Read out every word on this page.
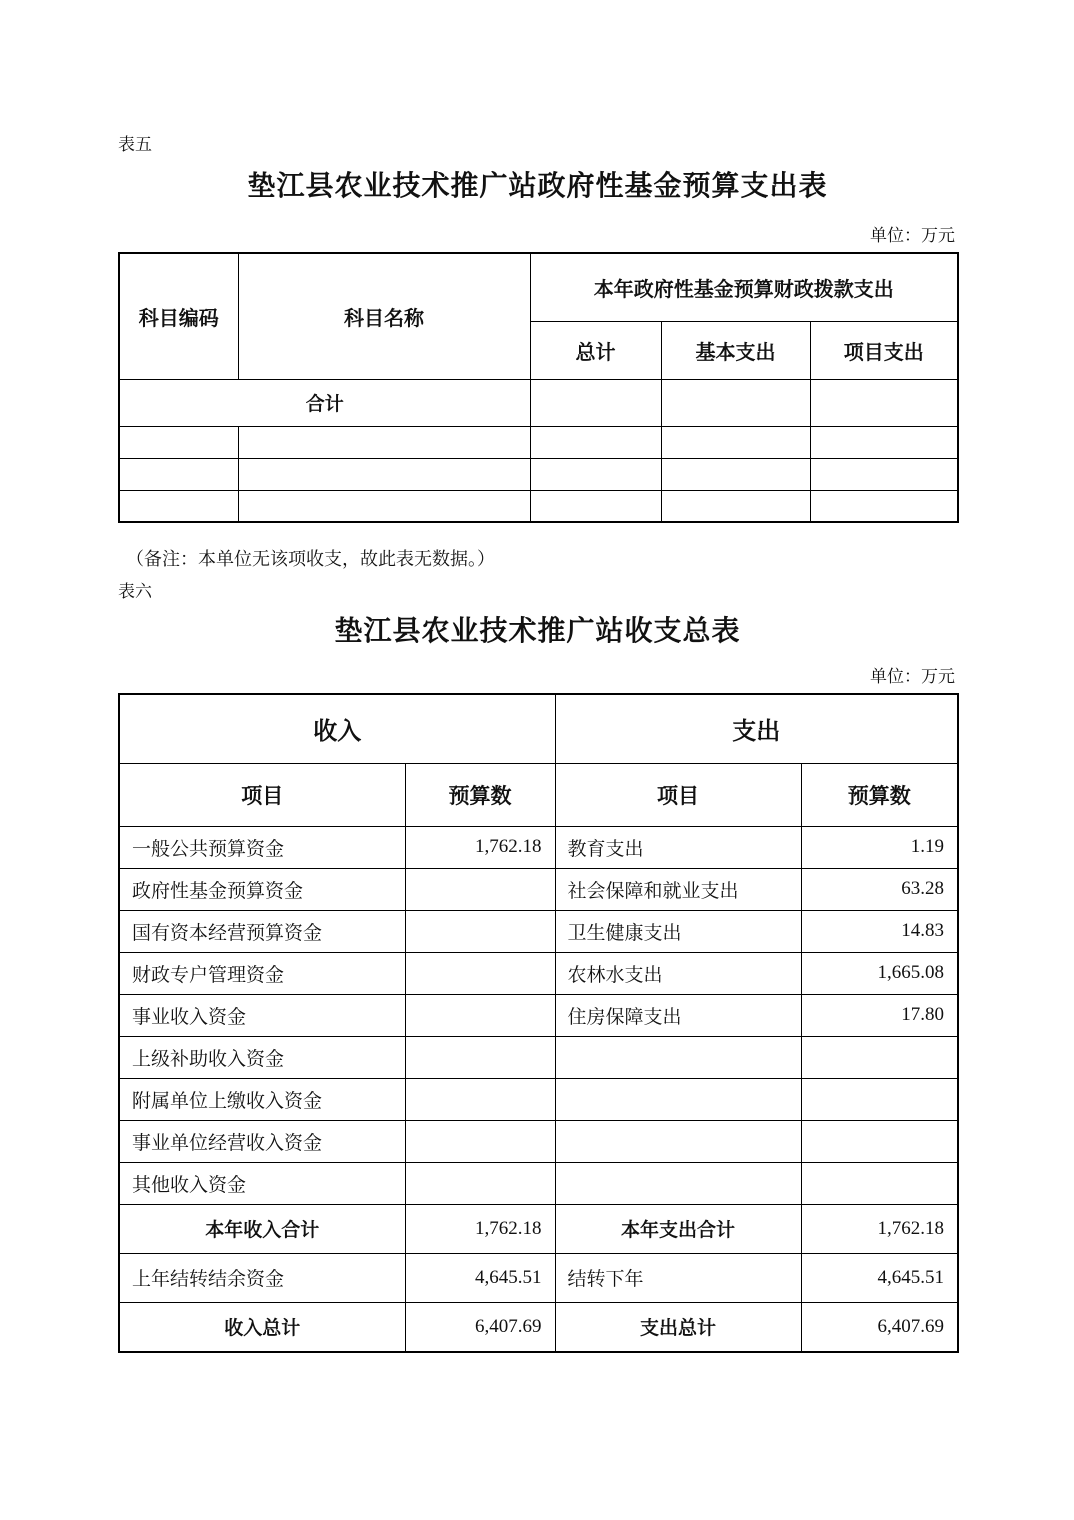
表五
垫江县农业技术推广站政府性基金预算支出表
单位：万元
科目编码	科目名称	本年政府性基金预算财政拨款支出		
		总计	基本支出	项目支出
合计				

（备注：本单位无该项收支，故此表无数据。）
表六
垫江县农业技术推广站收支总表
单位：万元
收入		支出	
项目	预算数	项目	预算数
一般公共预算资金	1,762.18	教育支出	1.19
政府性基金预算资金		社会保障和就业支出	63.28
国有资本经营预算资金		卫生健康支出	14.83
财政专户管理资金		农林水支出	1,665.08
事业收入资金		住房保障支出	17.80
上级补助收入资金			
附属单位上缴收入资金			
事业单位经营收入资金			
其他收入资金			
本年收入合计	1,762.18	本年支出合计	1,762.18
上年结转结余资金	4,645.51	结转下年	4,645.51
收入总计	6,407.69	支出总计	6,407.69
